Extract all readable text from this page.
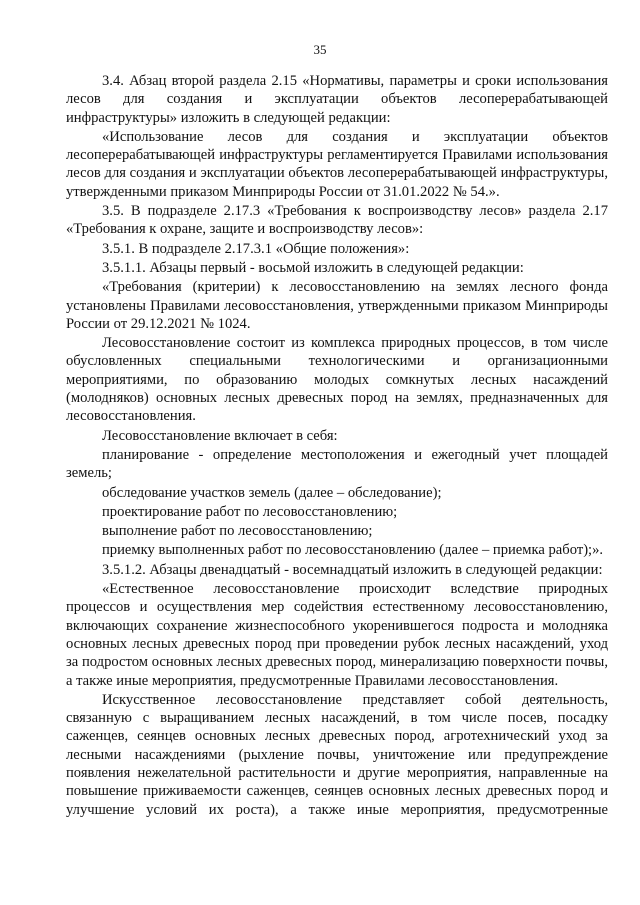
35

3.4. Абзац второй раздела 2.15 «Нормативы, параметры и сроки использования лесов для создания и эксплуатации объектов лесоперерабатывающей инфраструктуры» изложить в следующей редакции:

«Использование лесов для создания и эксплуатации объектов лесоперерабатывающей инфраструктуры регламентируется Правилами использования лесов для создания и эксплуатации объектов лесоперерабатывающей инфраструктуры, утвержденными приказом Минприроды России от 31.01.2022 № 54.».

3.5. В подразделе 2.17.3 «Требования к воспроизводству лесов» раздела 2.17 «Требования к охране, защите и воспроизводству лесов»:

3.5.1. В подразделе 2.17.3.1 «Общие положения»:

3.5.1.1. Абзацы первый - восьмой изложить в следующей редакции:

«Требования (критерии) к лесовосстановлению на землях лесного фонда установлены Правилами лесовосстановления, утвержденными приказом Минприроды России от 29.12.2021 № 1024.

Лесовосстановление состоит из комплекса природных процессов, в том числе обусловленных специальными технологическими и организационными мероприятиями, по образованию молодых сомкнутых лесных насаждений (молодняков) основных лесных древесных пород на землях, предназначенных для лесовосстановления.

Лесовосстановление включает в себя:

планирование - определение местоположения и ежегодный учет площадей земель;

обследование участков земель (далее – обследование);

проектирование работ по лесовосстановлению;

выполнение работ по лесовосстановлению;

приемку выполненных работ по лесовосстановлению (далее – приемка работ);».

3.5.1.2. Абзацы двенадцатый - восемнадцатый изложить в следующей редакции:

«Естественное лесовосстановление происходит вследствие природных процессов и осуществления мер содействия естественному лесовосстановлению, включающих сохранение жизнеспособного укоренившегося подроста и молодняка основных лесных древесных пород при проведении рубок лесных насаждений, уход за подростом основных лесных древесных пород, минерализацию поверхности почвы, а также иные мероприятия, предусмотренные Правилами лесовосстановления.

Искусственное лесовосстановление представляет собой деятельность, связанную с выращиванием лесных насаждений, в том числе посев, посадку саженцев, сеянцев основных лесных древесных пород, агротехнический уход за лесными насаждениями (рыхление почвы, уничтожение или предупреждение появления нежелательной растительности и другие мероприятия, направленные на повышение приживаемости саженцев, сеянцев основных лесных древесных пород и улучшение условий их роста), а также иные мероприятия, предусмотренные
